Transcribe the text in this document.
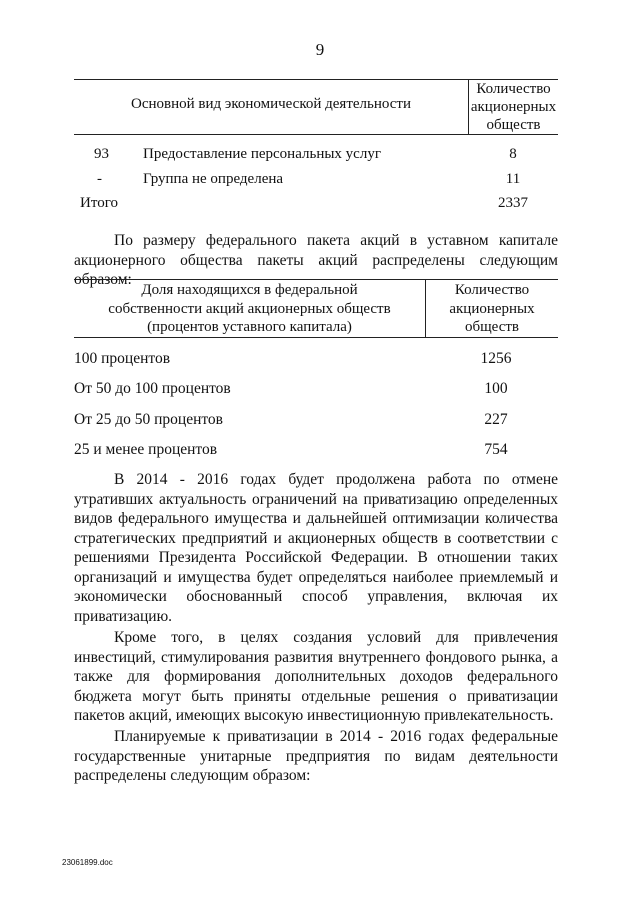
9
Основной вид экономической деятельности
Количество
акционерных
обществ
93 Предоставление персональных услуг	8
-	Группа не определена	11
Итого	2337
По размеру федерального пакета акций в уставном капитале акционерного общества пакеты акций распределены следующим образом:
Доля находящихся в федеральной
собственности акций акционерных обществ
(процентов уставного капитала)
Количество
акционерных
обществ
100 процентов	1256
От 50 до 100 процентов	100
От 25 до 50 процентов	227
25 и менее процентов	754
В 2014 - 2016 годах будет продолжена работа по отмене утративших актуальность ограничений на приватизацию определенных видов федерального имущества и дальнейшей оптимизации количества стратегических предприятий и акционерных обществ в соответствии с решениями Президента Российской Федерации. В отношении таких организаций и имущества будет определяться наиболее приемлемый и экономически обоснованный способ управления, включая их приватизацию.
Кроме того, в целях создания условий для привлечения инвестиций, стимулирования развития внутреннего фондового рынка, а также для формирования дополнительных доходов федерального бюджета могут быть приняты отдельные решения о приватизации пакетов акций, имеющих высокую инвестиционную привлекательность.
Планируемые к приватизации в 2014 - 2016 годах федеральные государственные унитарные предприятия по видам деятельности распределены следующим образом:
23061899.doc
